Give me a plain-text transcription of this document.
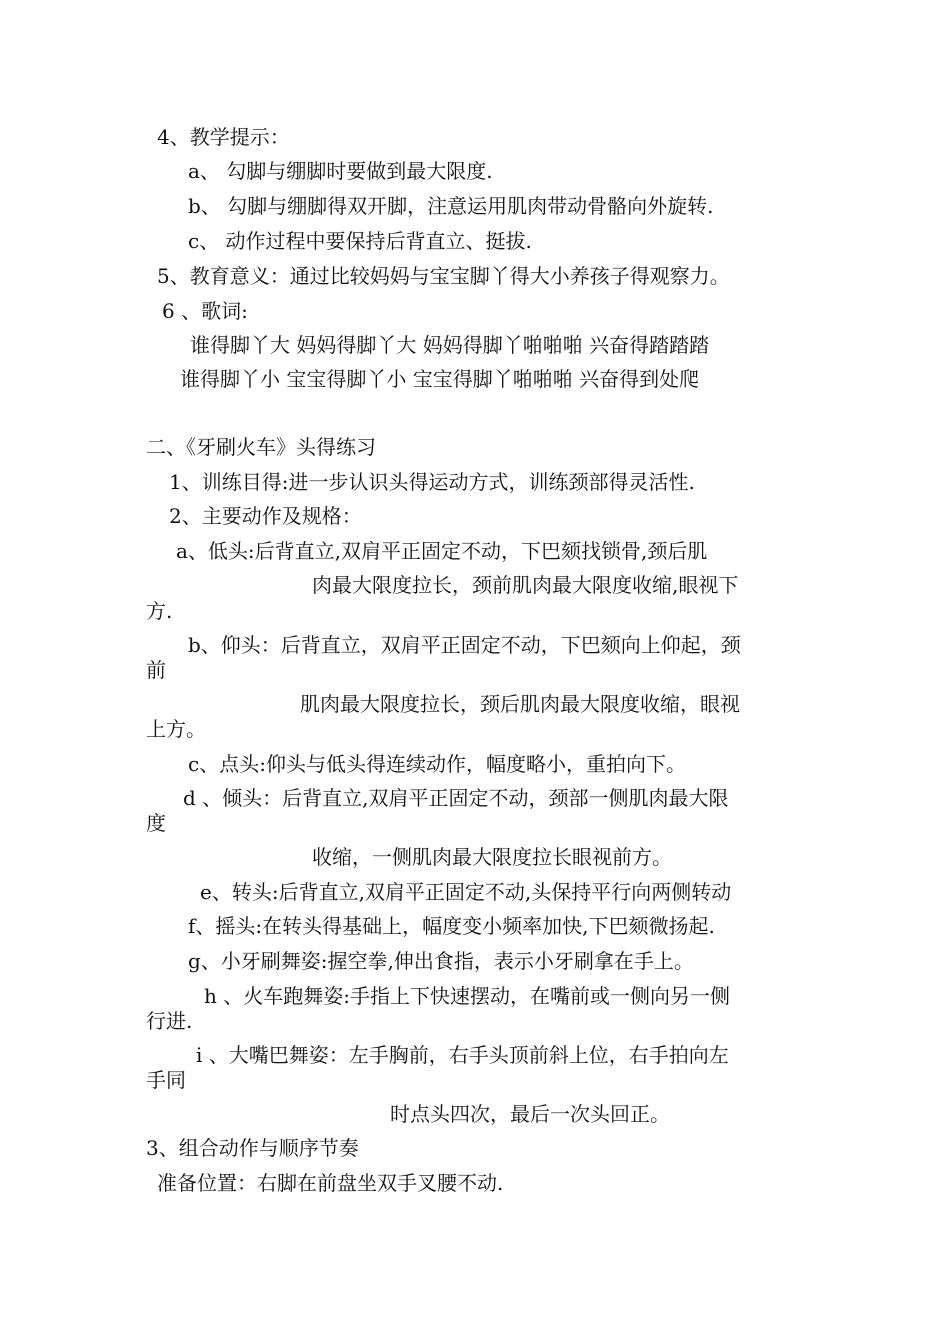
4、教学提示：
a、 勾脚与绷脚时要做到最大限度.
b、 勾脚与绷脚得双开脚，注意运用肌肉带动骨骼向外旋转.
c、 动作过程中要保持后背直立、挺拔.
5、教育意义：通过比较妈妈与宝宝脚丫得大小养孩子得观察力。
6 、歌词:
谁得脚丫大 妈妈得脚丫大 妈妈得脚丫啪啪啪 兴奋得踏踏踏
谁得脚丫小 宝宝得脚丫小 宝宝得脚丫啪啪啪 兴奋得到处爬
二、《牙刷火车》头得练习
1、训练目得:进一步认识头得运动方式，训练颈部得灵活性.
2、主要动作及规格：
a、低头:后背直立,双肩平正固定不动，下巴颏找锁骨,颈后肌
肉最大限度拉长，颈前肌肉最大限度收缩,眼视下
方.
b、仰头：后背直立，双肩平正固定不动，下巴颏向上仰起，颈
前
肌肉最大限度拉长，颈后肌肉最大限度收缩，眼视
上方。
c、点头:仰头与低头得连续动作，幅度略小，重拍向下。
d 、倾头：后背直立,双肩平正固定不动，颈部一侧肌肉最大限
度
收缩，一侧肌肉最大限度拉长眼视前方。
e、转头:后背直立,双肩平正固定不动,头保持平行向两侧转动
f、摇头:在转头得基础上，幅度变小频率加快,下巴颏微扬起.
g、小牙刷舞姿:握空拳,伸出食指，表示小牙刷拿在手上。
h 、火车跑舞姿:手指上下快速摆动，在嘴前或一侧向另一侧
行进.
i 、大嘴巴舞姿：左手胸前，右手头顶前斜上位，右手拍向左
手同
时点头四次，最后一次头回正。
3、组合动作与顺序节奏
准备位置：右脚在前盘坐双手叉腰不动.
